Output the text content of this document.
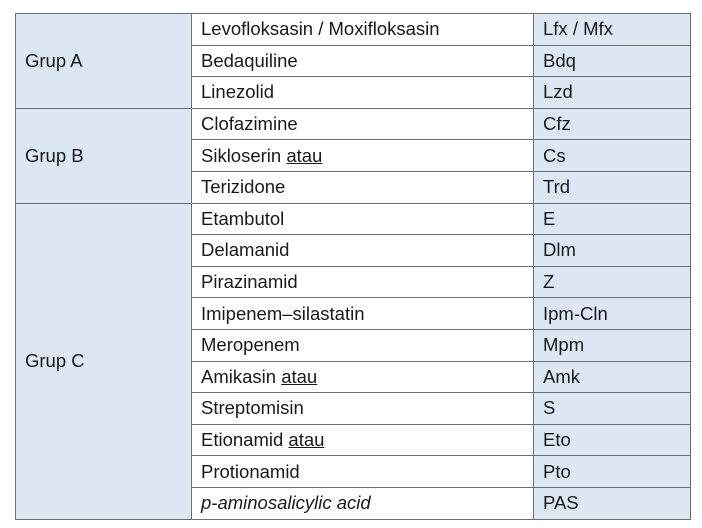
Grup A	Levofloksasin / Moxifloksasin	Lfx / Mfx
	Bedaquiline	Bdq
	Linezolid	Lzd
Grup B	Clofazimine	Cfz
	Sikloserin atau	Cs
	Terizidone	Trd
Grup C	Etambutol	E
	Delamanid	Dlm
	Pirazinamid	Z
	Imipenem–silastatin	Ipm-Cln
	Meropenem	Mpm
	Amikasin atau	Amk
	Streptomisin	S
	Etionamid atau	Eto
	Protionamid	Pto
	p-aminosalicylic acid	PAS
